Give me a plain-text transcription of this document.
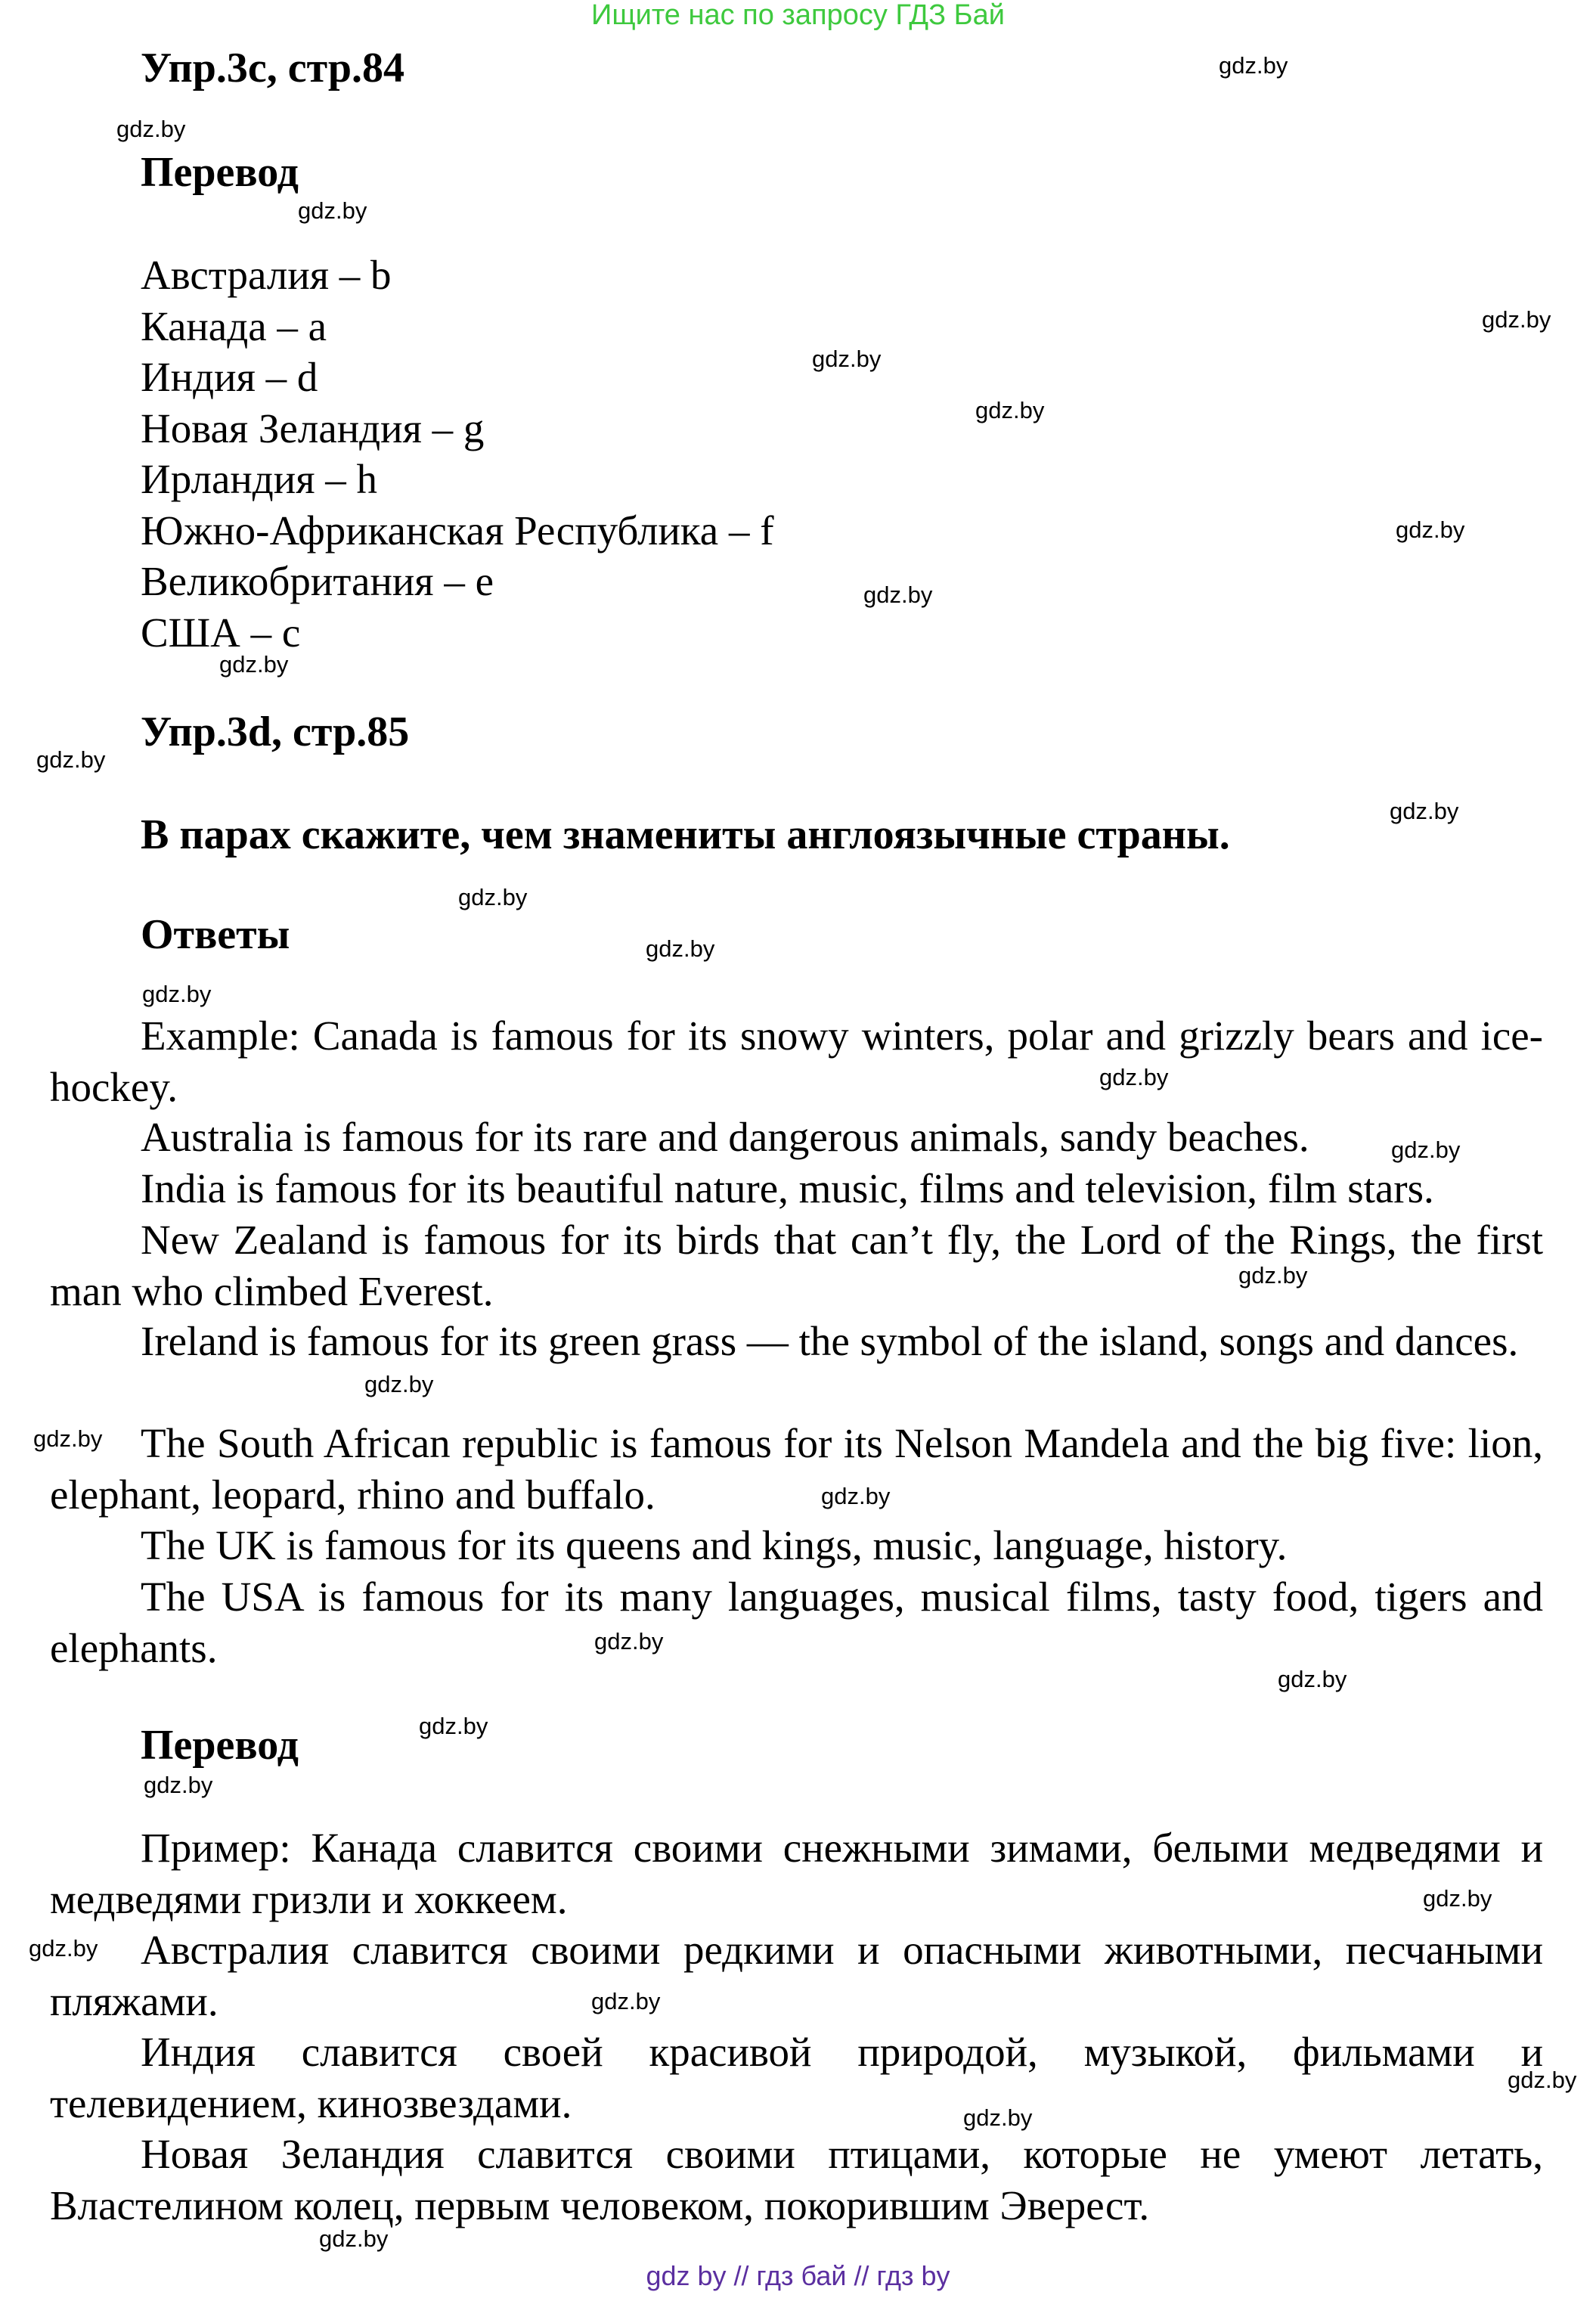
Ищите нас по запросу ГДЗ Бай
Упр.3c, стр.84
Перевод
Австралия – b
Канада – a
Индия – d
Новая Зеландия – g
Ирландия – h
Южно-Африканская Республика – f
Великобритания – e
США – c
Упр.3d, стр.85
В парах скажите, чем знамениты англоязычные страны.
Ответы
Example: Canada is famous for its snowy winters, polar and grizzly bears and ice-hockey.
Australia is famous for its rare and dangerous animals, sandy beaches.
India is famous for its beautiful nature, music, films and television, film stars.
New Zealand is famous for its birds that can’t fly, the Lord of the Rings, the first man who climbed Everest.
Ireland is famous for its green grass — the symbol of the island, songs and dances.
The South African republic is famous for its Nelson Mandela and the big five: lion, elephant, leopard, rhino and buffalo.
The UK is famous for its queens and kings, music, language, history.
The USA is famous for its many languages, musical films, tasty food, tigers and elephants.
Перевод
Пример: Канада славится своими снежными зимами, белыми медведями и медведями гризли и хоккеем.
Австралия славится своими редкими и опасными животными, песчаными пляжами.
Индия славится своей красивой природой, музыкой, фильмами и телевидением, кинозвездами.
Новая Зеландия славится своими птицами, которые не умеют летать, Властелином колец, первым человеком, покорившим Эверест.
gdz.by
gdz.by
gdz.by
gdz.by
gdz.by
gdz.by
gdz.by
gdz.by
gdz.by
gdz.by
gdz.by
gdz.by
gdz.by
gdz.by
gdz.by
gdz.by
gdz.by
gdz.by
gdz.by
gdz.by
gdz.by
gdz.by
gdz.by
gdz.by
gdz.by
gdz.by
gdz.by
gdz.by
gdz.by
gdz.by
gdz by // гдз бай // гдз by
